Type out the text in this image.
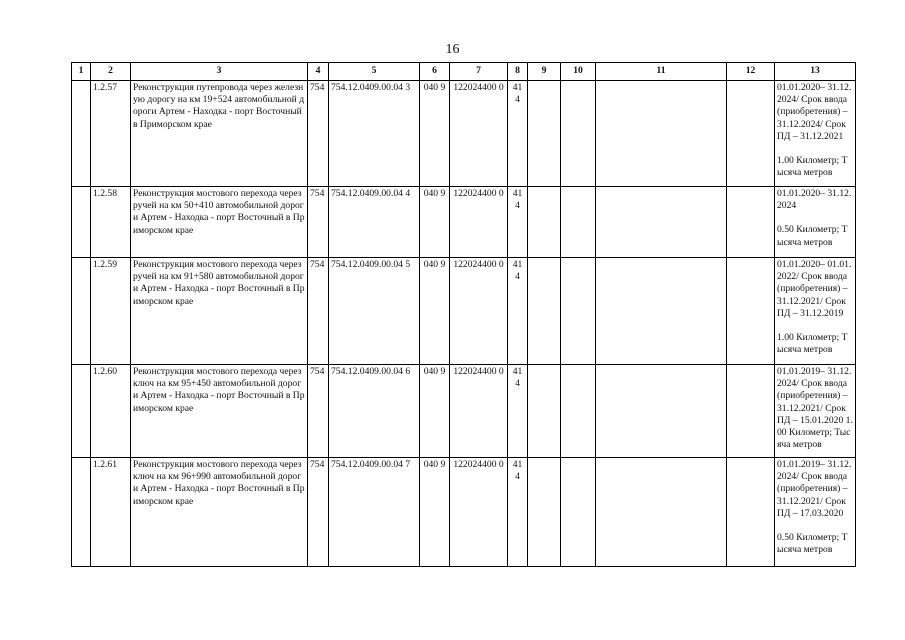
16
1	2	3	4	5	6	7	8	9	10	11	12	13
	1.2.57	Реконструкция путепровода через железную дорогу на км 19+524 автомобильной дороги Артем - Находка - порт Восточный в Приморском крае	754	754.12.0409.00.04 3	040 9	122024400 0	41 4					01.01.2020– 31.12.2024/ Срок ввода (приобретения) – 31.12.2024/ Срок ПД – 31.12.2021
1.00 Километр; Тысяча метров
	1.2.58	Реконструкция мостового перехода через ручей на км 50+410 автомобильной дороги Артем - Находка - порт Восточный в Приморском крае	754	754.12.0409.00.04 4	040 9	122024400 0	41 4					01.01.2020– 31.12.2024
0.50 Километр; Тысяча метров
	1.2.59	Реконструкция мостового перехода через ручей на км 91+580 автомобильной дороги Артем - Находка - порт Восточный в Приморском крае	754	754.12.0409.00.04 5	040 9	122024400 0	41 4					01.01.2020– 01.01.2022/ Срок ввода (приобретения) – 31.12.2021/ Срок ПД – 31.12.2019
1.00 Километр; Тысяча метров
	1.2.60	Реконструкция мостового перехода через ключ на км 95+450 автомобильной дороги Артем - Находка - порт Восточный в Приморском крае	754	754.12.0409.00.04 6	040 9	122024400 0	41 4					01.01.2019– 31.12.2024/ Срок ввода (приобретения) – 31.12.2021/ Срок ПД – 15.01.2020 1.00 Километр; Тысяча метров
	1.2.61	Реконструкция мостового перехода через ключ на км 96+990 автомобильной дороги Артем - Находка - порт Восточный в Приморском крае	754	754.12.0409.00.04 7	040 9	122024400 0	41 4					01.01.2019– 31.12.2024/ Срок ввода (приобретения) – 31.12.2021/ Срок ПД – 17.03.2020
0.50 Километр; Тысяча метров
